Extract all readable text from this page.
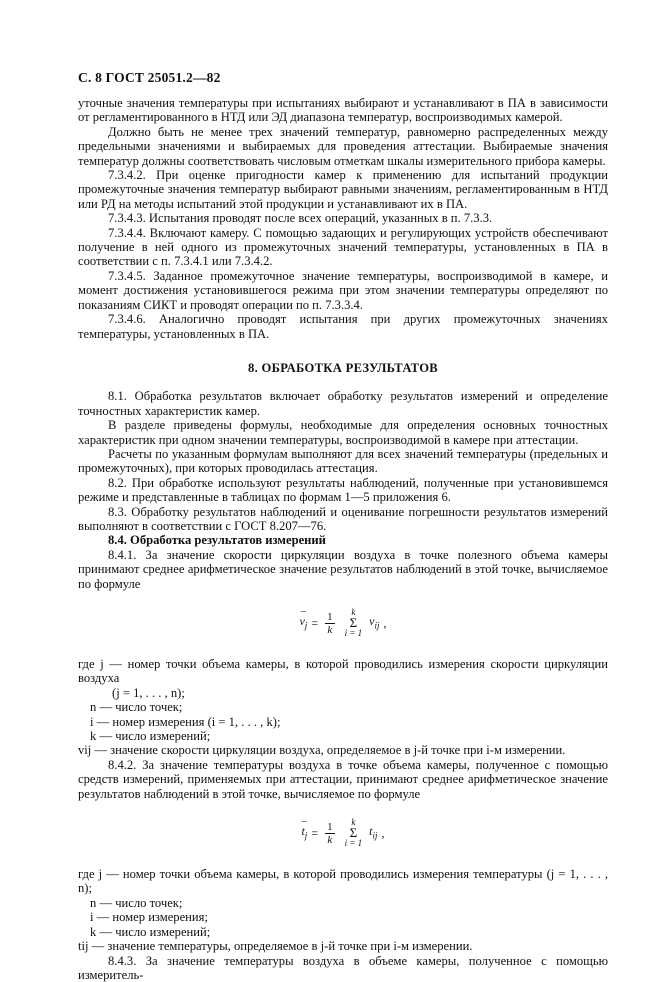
С. 8 ГОСТ 25051.2—82

уточные значения температуры при испытаниях выбирают и устанавливают в ПА в зависимости от регламентированного в НТД или ЭД диапазона температур, воспроизводимых камерой.

Должно быть не менее трех значений температур, равномерно распределенных между предельными значениями и выбираемых для проведения аттестации. Выбираемые значения температур должны соответствовать числовым отметкам шкалы измерительного прибора камеры.

7.3.4.2. При оценке пригодности камер к применению для испытаний продукции промежуточные значения температур выбирают равными значениям, регламентированным в НТД или РД на методы испытаний этой продукции и устанавливают их в ПА.

7.3.4.3. Испытания проводят после всех операций, указанных в п. 7.3.3.

7.3.4.4. Включают камеру. С помощью задающих и регулирующих устройств обеспечивают получение в ней одного из промежуточных значений температуры, установленных в ПА в соответствии с п. 7.3.4.1 или 7.3.4.2.

7.3.4.5. Заданное промежуточное значение температуры, воспроизводимой в камере, и момент достижения установившегося режима при этом значении температуры определяют по показаниям СИКТ и проводят операции по п. 7.3.3.4.

7.3.4.6. Аналогично проводят испытания при других промежуточных значениях температуры, установленных в ПА.

8. ОБРАБОТКА РЕЗУЛЬТАТОВ

8.1. Обработка результатов включает обработку результатов измерений и определение точностных характеристик камер.

В разделе приведены формулы, необходимые для определения основных точностных характеристик при одном значении температуры, воспроизводимой в камере при аттестации.

Расчеты по указанным формулам выполняют для всех значений температуры (предельных и промежуточных), при которых проводилась аттестация.

8.2. При обработке используют результаты наблюдений, полученные при установившемся режиме и представленные в таблицах по формам 1—5 приложения 6.

8.3. Обработку результатов наблюдений и оценивание погрешности результатов измерений выполняют в соответствии с ГОСТ 8.207—76.

8.4. Обработка результатов измерений

8.4.1. За значение скорости циркуляции воздуха в точке полезного объема камеры принимают среднее арифметическое значение результатов наблюдений в этой точке, вычисляемое по формуле

–
$v_j = \frac{1}{k}$ k
Σ
i = 1
$v_{ij}$ ,

где j — номер точки объема камеры, в которой проводились измерения скорости циркуляции воздуха

(j = 1, . . . , n);

n — число точек;

i — номер измерения (i = 1, . . . , k);

k — число измерений;

vij — значение скорости циркуляции воздуха, определяемое в j-й точке при i-м измерении.

8.4.2. За значение температуры воздуха в точке объема камеры, полученное с помощью средств измерений, применяемых при аттестации, принимают среднее арифметическое значение результатов наблюдений в этой точке, вычисляемое по формуле

–
$t_j = \frac{1}{k}$ k
Σ
i = 1
$t_{ij}$ ,

где j — номер точки объема камеры, в которой проводились измерения температуры (j = 1, . . . , n);

n — число точек;

i — номер измерения;

k — число измерений;

tij — значение температуры, определяемое в j-й точке при i-м измерении.

8.4.3. За значение температуры воздуха в объеме камеры, полученное с помощью измеритель-
